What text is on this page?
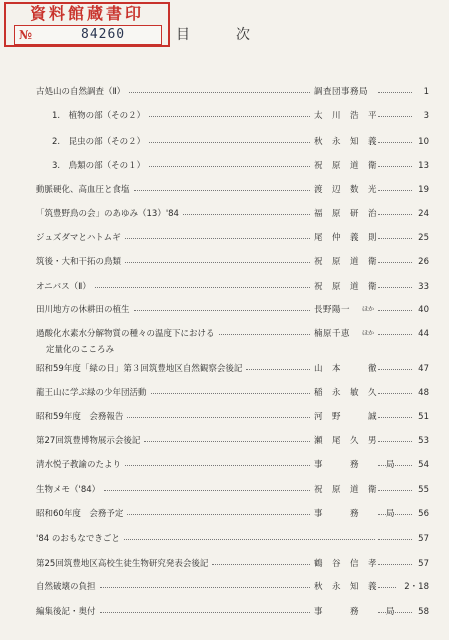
資料館蔵書印
№	84260	目	次
古処山の自然調査（Ⅱ）	調査団事務局	1
1.　植物の部（その２）	太　川　浩　平	3
2.　昆虫の部（その２）	秋　永　知　義	10
3.　鳥類の部（その１）	祝　原　道　衛	13
動脈硬化、高血圧と食塩	渡　辺　数　光	19
「筑豊野鳥の会」のあゆみ（13）'84	福　原　研　治	24
ジュズダマとハトムギ	尾　仲　義　則	25
筑後・大和干拓の鳥類	祝　原　道　衛	26
オニバス（Ⅱ）	祝　原　道　衛	33
田川地方の休耕田の植生	長野陽一	ほか	40
過酸化水素水分解物質の種々の温度下における	楠原千恵	ほか	44
定量化のこころみ
昭和59年度「緑の日」第３回筑豊地区自然観察会後記	山　本　　　徹	47
龍王山に学ぶ緑の少年団活動	稲　永　敏　久	48
昭和59年度　会務報告	河　野　　　誠	51
第27回筑豊博物展示会後記	瀬　尾　久　男	53
清水悦子教諭のたより	事　　　務　　　局	54
生物メモ（'84）	祝　原　道　衛	55
昭和60年度　会務予定	事　　　務　　　局	56
'84 のおもなできごと	57
第25回筑豊地区高校生徒生物研究発表会後記	鶴　谷　信　孝	57
自然破壊の負担	秋　永　知　義	2・18
編集後記・奥付	事　　　務　　　局	58
